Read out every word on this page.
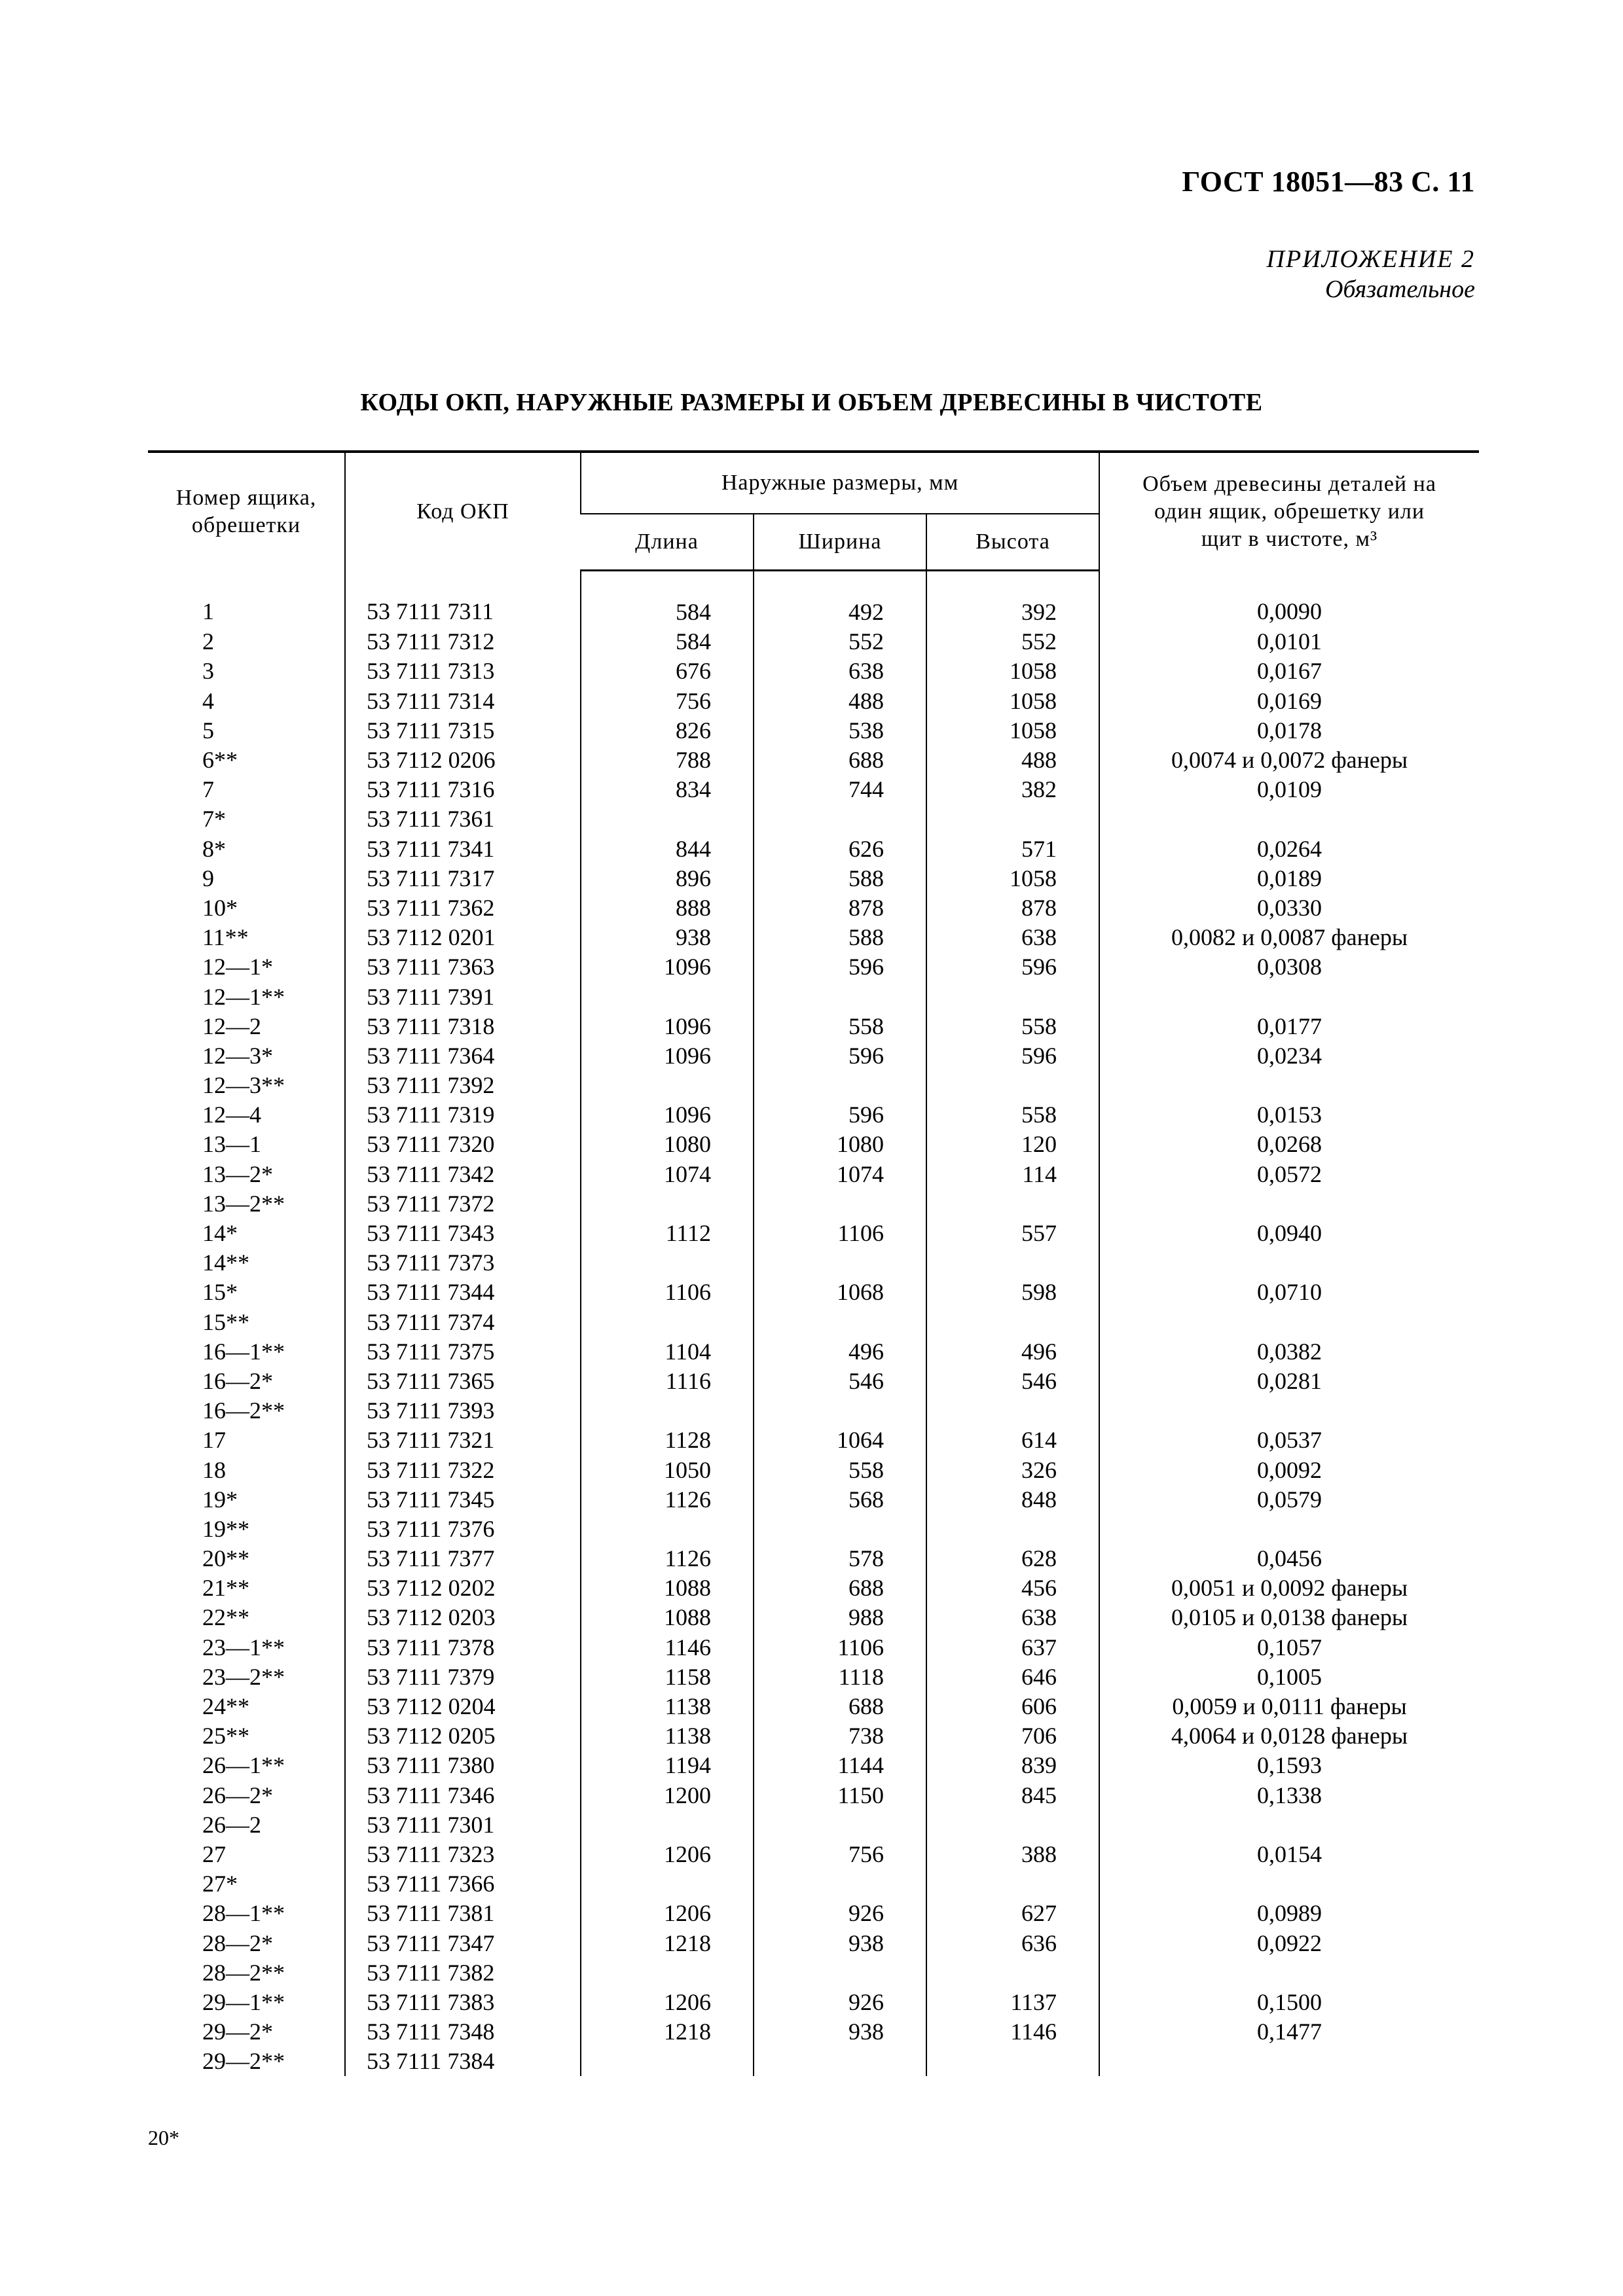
ГОСТ 18051—83 С. 11
ПРИЛОЖЕНИЕ 2
Обязательное
КОДЫ ОКП, НАРУЖНЫЕ РАЗМЕРЫ И ОБЪЕМ ДРЕВЕСИНЫ В ЧИСТОТЕ
Номер ящика, обрешетки	Код ОКП	Наружные размеры, мм			Объем древесины деталей на один ящик, обрешетку или щит в чистоте, м³
		Длина	Ширина	Высота	
1	53 7111 7311	584	492	392	0,0090
2	53 7111 7312	584	552	552	0,0101
3	53 7111 7313	676	638	1058	0,0167
4	53 7111 7314	756	488	1058	0,0169
5	53 7111 7315	826	538	1058	0,0178
6**	53 7112 0206	788	688	488	0,0074 и 0,0072 фанеры
7	53 7111 7316	834	744	382	0,0109
7*	53 7111 7361				
8*	53 7111 7341	844	626	571	0,0264
9	53 7111 7317	896	588	1058	0,0189
10*	53 7111 7362	888	878	878	0,0330
11**	53 7112 0201	938	588	638	0,0082 и 0,0087 фанеры
12—1*	53 7111 7363	1096	596	596	0,0308
12—1**	53 7111 7391				
12—2	53 7111 7318	1096	558	558	0,0177
12—3*	53 7111 7364	1096	596	596	0,0234
12—3**	53 7111 7392				
12—4	53 7111 7319	1096	596	558	0,0153
13—1	53 7111 7320	1080	1080	120	0,0268
13—2*	53 7111 7342	1074	1074	114	0,0572
13—2**	53 7111 7372				
14*	53 7111 7343	1112	1106	557	0,0940
14**	53 7111 7373				
15*	53 7111 7344	1106	1068	598	0,0710
15**	53 7111 7374				
16—1**	53 7111 7375	1104	496	496	0,0382
16—2*	53 7111 7365	1116	546	546	0,0281
16—2**	53 7111 7393				
17	53 7111 7321	1128	1064	614	0,0537
18	53 7111 7322	1050	558	326	0,0092
19*	53 7111 7345	1126	568	848	0,0579
19**	53 7111 7376				
20**	53 7111 7377	1126	578	628	0,0456
21**	53 7112 0202	1088	688	456	0,0051 и 0,0092 фанеры
22**	53 7112 0203	1088	988	638	0,0105 и 0,0138 фанеры
23—1**	53 7111 7378	1146	1106	637	0,1057
23—2**	53 7111 7379	1158	1118	646	0,1005
24**	53 7112 0204	1138	688	606	0,0059 и 0,0111 фанеры
25**	53 7112 0205	1138	738	706	4,0064 и 0,0128 фанеры
26—1**	53 7111 7380	1194	1144	839	0,1593
26—2*	53 7111 7346	1200	1150	845	0,1338
26—2	53 7111 7301				
27	53 7111 7323	1206	756	388	0,0154
27*	53 7111 7366				
28—1**	53 7111 7381	1206	926	627	0,0989
28—2*	53 7111 7347	1218	938	636	0,0922
28—2**	53 7111 7382				
29—1**	53 7111 7383	1206	926	1137	0,1500
29—2*	53 7111 7348	1218	938	1146	0,1477
29—2**	53 7111 7384				
20*
